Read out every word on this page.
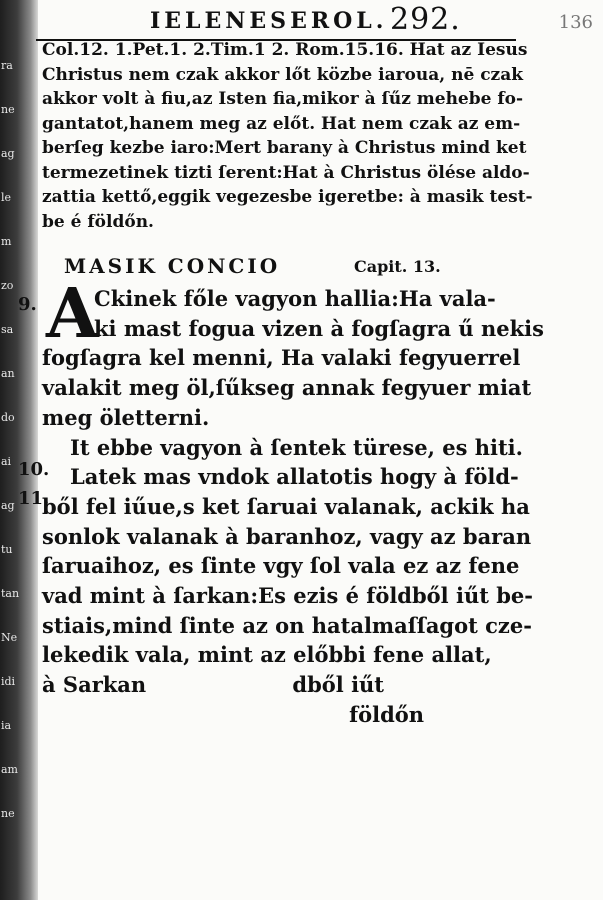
ra
ne
ag
le
m
zo
sa
an
do
ai
ag
tu
tan
Ne
idi
ia
am
ne
IELENESEROL. 292.	136
Col.12. 1.Pet.1. 2.Tim.1 2. Rom.15.16. Hat az Iesus
Christus nem czak akkor lőt közbe iaroua, nē czak
akkor volt à fiu,az Isten fia,mikor à ſűz mehebe fo-
gantatot,hanem meg az előt. Hat nem czak az em-
berſeg kezbe iaro:Mert barany à Christus mind ket
termezetinek tizti ſerent:Hat à Christus ölése aldo-
zattia kettő,eggik vegezesbe igeretbe: à masik test-
be é földőn.
MASIK CONCIO	Capit. 13.
9.
10.
11.
A
Ckinek főle vagyon hallia:Ha vala-
ki mast fogua vizen à fogſagra ű nekis
fogſagra kel menni, Ha valaki fegyuerrel
valakit meg öl,ſűkseg annak fegyuer miat
meg öletterni.
It ebbe vagyon à ſentek türese, es hiti.
Latek mas vndok allatotis hogy à föld-
ből fel iűue,s ket ſaruai valanak, ackik ha
sonlok valanak à baranhoz, vagy az baran
ſaruaihoz, es ſinte vgy ſol vala ez az fene
vad mint à ſarkan:Es ezis é földből iűt be-
stiais,mind ſinte az on hatalmaſſagot cze-
lekedik vala, mint az előbbi fene allat,
à Sarkan                    dből iűt
földőn
